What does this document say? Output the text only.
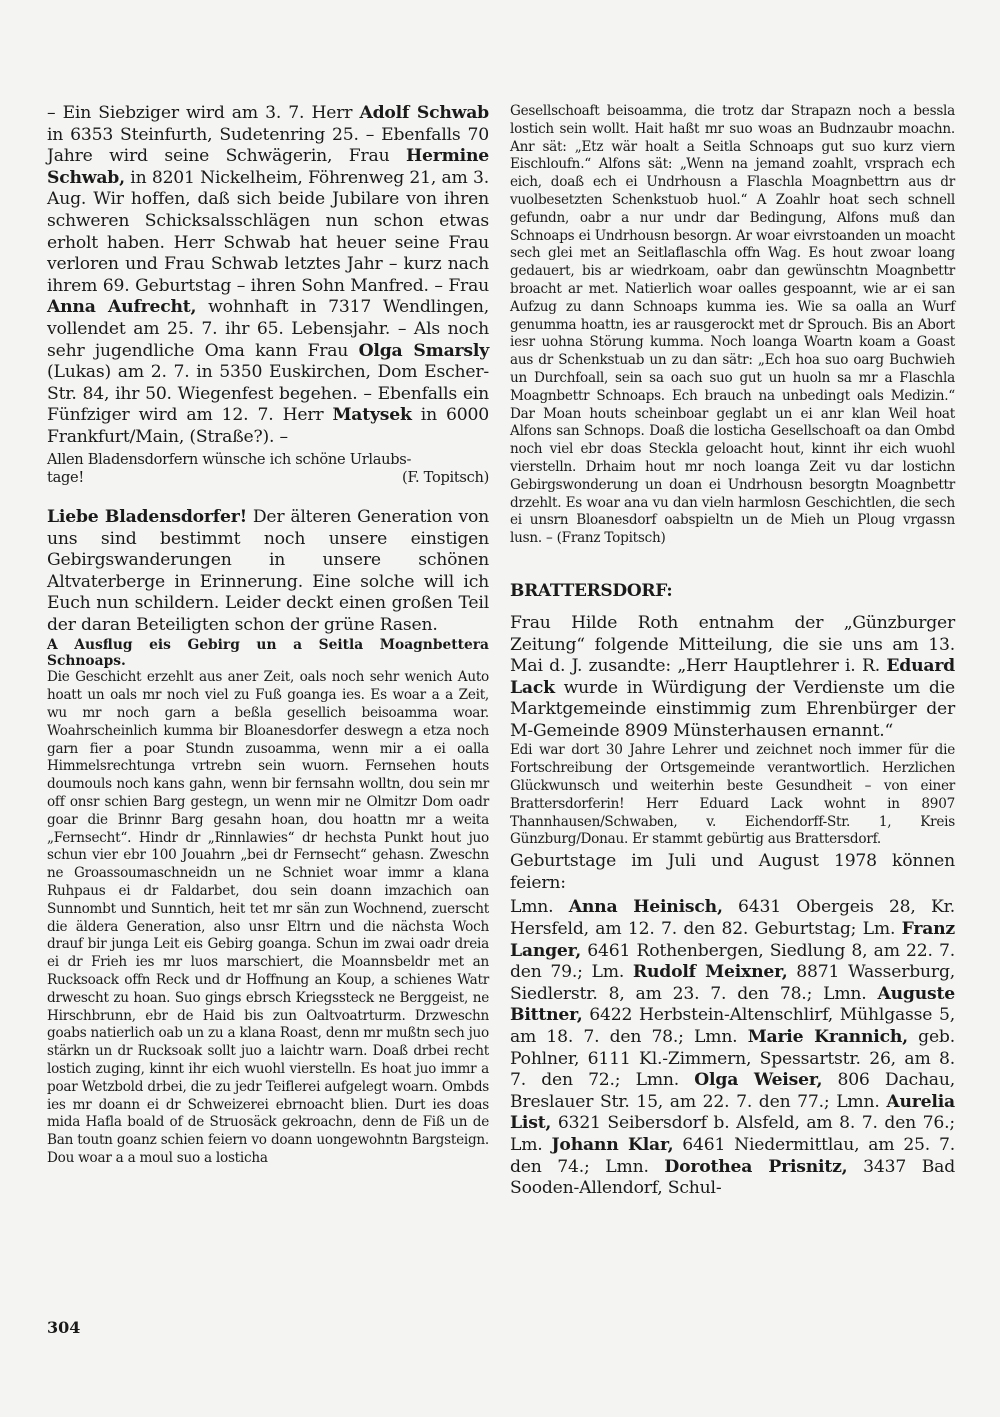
– Ein Siebziger wird am 3. 7. Herr Adolf Schwab in 6353 Steinfurth, Sudetenring 25. – Ebenfalls 70 Jahre wird seine Schwägerin, Frau Hermine Schwab, in 8201 Nickelheim, Föhrenweg 21, am 3. Aug. Wir hoffen, daß sich beide Jubilare von ihren schweren Schicksalsschlägen nun schon etwas erholt haben. Herr Schwab hat heuer seine Frau verloren und Frau Schwab letztes Jahr – kurz nach ihrem 69. Geburtstag – ihren Sohn Manfred. – Frau Anna Aufrecht, wohnhaft in 7317 Wendlingen, vollendet am 25. 7. ihr 65. Lebensjahr. – Als noch sehr jugendliche Oma kann Frau Olga Smarsly (Lukas) am 2. 7. in 5350 Euskirchen, Dom Escher-Str. 84, ihr 50. Wiegenfest begehen. – Ebenfalls ein Fünfziger wird am 12. 7. Herr Matysek in 6000 Frankfurt/Main, (Straße?). –

Allen Bladensdorfern wünsche ich schöne Urlaubs-

tage!	(F. Topitsch)

Liebe Bladensdorfer! Der älteren Generation von uns sind bestimmt noch unsere einstigen Gebirgswanderungen in unsere schönen Altvaterberge in Erinnerung. Eine solche will ich Euch nun schildern. Leider deckt einen großen Teil der daran Beteiligten schon der grüne Rasen.

A Ausflug eis Gebirg un a Seitla Moagnbettera Schnoaps.

Die Geschicht erzehlt aus aner Zeit, oals noch sehr wenich Auto hoatt un oals mr noch viel zu Fuß goanga ies. Es woar a a Zeit, wu mr noch garn a beßla gesellich beisoamma woar. Woahrscheinlich kumma bir Bloanesdorfer deswegn a etza noch garn fier a poar Stundn zusoamma, wenn mir a ei oalla Himmelsrechtunga vrtrebn sein wuorn. Fernsehen houts doumouls noch kans gahn, wenn bir fernsahn wolltn, dou sein mr off onsr schien Barg gestegn, un wenn mir ne Olmitzr Dom oadr goar die Brinnr Barg gesahn hoan, dou hoattn mr a weita „Fernsecht“. Hindr dr „Rinnlawies“ dr hechsta Punkt hout juo schun vier ebr 100 Jouahrn „bei dr Fernsecht“ gehasn. Zweschn ne Groassoumaschneidn un ne Schniet woar immr a klana Ruhpaus ei dr Faldarbet, dou sein doann imzachich oan Sunnombt und Sunntich, heit tet mr sän zun Wochnend, zuerscht die äldera Generation, also unsr Eltrn und die nächsta Woch drauf bir junga Leit eis Gebirg goanga. Schun im zwai oadr dreia ei dr Frieh ies mr luos marschiert, die Moannsbeldr met an Rucksoack offn Reck und dr Hoffnung an Koup, a schienes Watr drwescht zu hoan. Suo gings ebrsch Kriegssteck ne Berggeist, ne Hirschbrunn, ebr de Haid bis zun Oaltvoatrturm. Drzweschn goabs natierlich oab un zu a klana Roast, denn mr mußtn sech juo stärkn un dr Rucksoak sollt juo a laichtr warn. Doaß drbei recht lostich zuging, kinnt ihr eich wuohl vierstelln. Es hoat juo immr a poar Wetzbold drbei, die zu jedr Teiflerei aufgelegt woarn. Ombds ies mr doann ei dr Schweizerei ebrnoacht blien. Durt ies doas mida Hafla boald of de Struosäck gekroachn, denn de Fiß un de Ban toutn goanz schien feiern vo doann uongewohntn Bargsteign. Dou woar a a moul suo a losticha

Gesellschoaft beisoamma, die trotz dar Strapazn noch a bessla lostich sein wollt. Hait haßt mr suo woas an Budnzaubr moachn. Anr sät: „Etz wär hoalt a Seitla Schnoaps gut suo kurz viern Eischloufn.“ Alfons sät: „Wenn na jemand zoahlt, vrsprach ech eich, doaß ech ei Undrhousn a Flaschla Moagnbettrn aus dr vuolbesetzten Schenkstuob huol.“ A Zoahlr hoat sech schnell gefundn, oabr a nur undr dar Bedingung, Alfons muß dan Schnoaps ei Undrhousn besorgn. Ar woar eivrstoanden un moacht sech glei met an Seitlaflaschla offn Wag. Es hout zwoar loang gedauert, bis ar wiedrkoam, oabr dan gewünschtn Moagnbettr broacht ar met. Natierlich woar oalles gespoannt, wie ar ei san Aufzug zu dann Schnoaps kumma ies. Wie sa oalla an Wurf genumma hoattn, ies ar rausgerockt met dr Sprouch. Bis an Abort iesr uohna Störung kumma. Noch loanga Woartn koam a Goast aus dr Schenkstuab un zu dan sätr: „Ech hoa suo oarg Buchwieh un Durchfoall, sein sa oach suo gut un huoln sa mr a Flaschla Moagnbettr Schnoaps. Ech brauch na unbedingt oals Medizin.“ Dar Moan houts scheinboar geglabt un ei anr klan Weil hoat Alfons san Schnops. Doaß die losticha Gesellschoaft oa dan Ombd noch viel ebr doas Steckla geloacht hout, kinnt ihr eich wuohl vierstelln. Drhaim hout mr noch loanga Zeit vu dar lostichn Gebirgswonderung un doan ei Undrhousn besorgtn Moagnbettr drzehlt. Es woar ana vu dan vieln harmlosn Geschichtlen, die sech ei unsrn Bloanesdorf oabspieltn un de Mieh un Ploug vrgassn lusn. – (Franz Topitsch)

BRATTERSDORF:

Frau Hilde Roth entnahm der „Günzburger Zeitung“ folgende Mitteilung, die sie uns am 13. Mai d. J. zusandte: „Herr Hauptlehrer i. R. Eduard Lack wurde in Würdigung der Verdienste um die Marktgemeinde einstimmig zum Ehrenbürger der M-Gemeinde 8909 Münsterhausen ernannt.“

Edi war dort 30 Jahre Lehrer und zeichnet noch immer für die Fortschreibung der Ortsgemeinde verantwortlich. Herzlichen Glückwunsch und weiterhin beste Gesundheit – von einer Brattersdorferin! Herr Eduard Lack wohnt in 8907 Thannhausen/Schwaben, v. Eichendorff-Str. 1, Kreis Günzburg/Donau. Er stammt gebürtig aus Brattersdorf.

Geburtstage im Juli und August 1978 können feiern:

Lmn. Anna Heinisch, 6431 Obergeis 28, Kr. Hersfeld, am 12. 7. den 82. Geburtstag; Lm. Franz Langer, 6461 Rothenbergen, Siedlung 8, am 22. 7. den 79.; Lm. Rudolf Meixner, 8871 Wasserburg, Siedlerstr. 8, am 23. 7. den 78.; Lmn. Auguste Bittner, 6422 Herbstein-Altenschlirf, Mühlgasse 5, am 18. 7. den 78.; Lmn. Marie Krannich, geb. Pohlner, 6111 Kl.-Zimmern, Spessartstr. 26, am 8. 7. den 72.; Lmn. Olga Weiser, 806 Dachau, Breslauer Str. 15, am 22. 7. den 77.; Lmn. Aurelia List, 6321 Seibersdorf b. Alsfeld, am 8. 7. den 76.; Lm. Johann Klar, 6461 Niedermittlau, am 25. 7. den 74.; Lmn. Dorothea Prisnitz, 3437 Bad Sooden-Allendorf, Schul-

304
